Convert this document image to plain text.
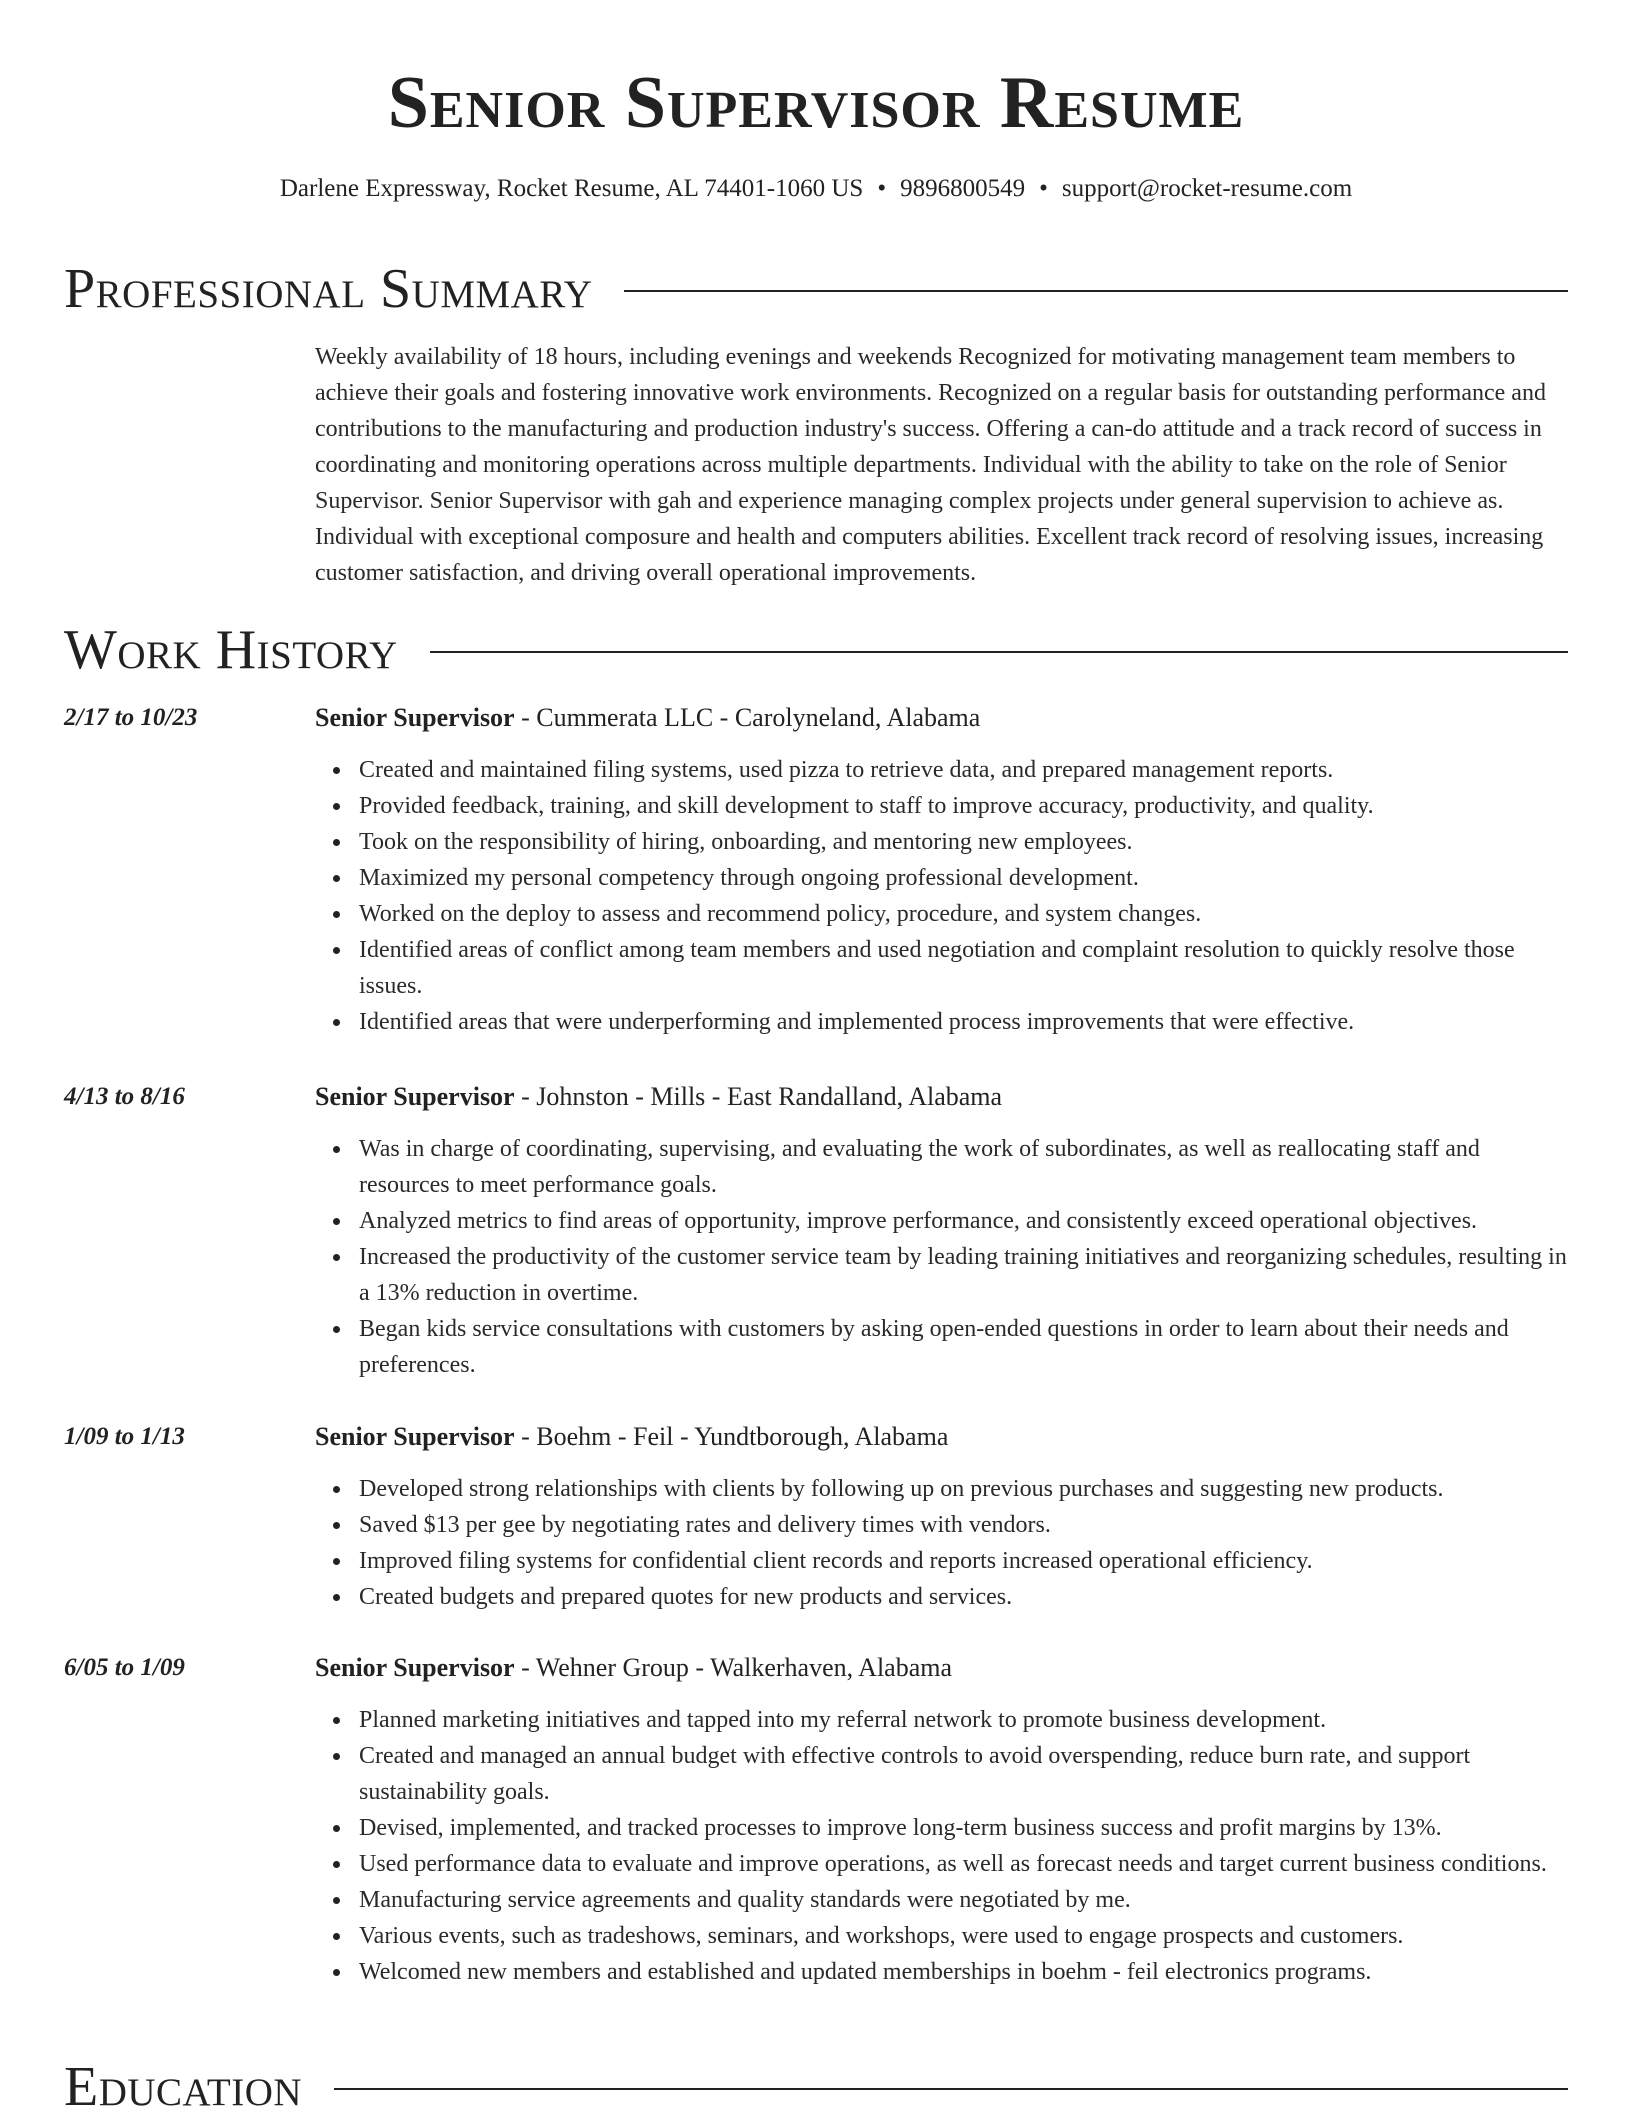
Senior Supervisor Resume
Darlene Expressway, Rocket Resume, AL 74401-1060 US • 9896800549 • support@rocket-resume.com
Professional Summary

Weekly availability of 18 hours, including evenings and weekends Recognized for motivating management team members to achieve their goals and fostering innovative work environments. Recognized on a regular basis for outstanding performance and contributions to the manufacturing and production industry's success. Offering a can-do attitude and a track record of success in coordinating and monitoring operations across multiple departments. Individual with the ability to take on the role of Senior Supervisor. Senior Supervisor with gah and experience managing complex projects under general supervision to achieve as. Individual with exceptional composure and health and computers abilities. Excellent track record of resolving issues, increasing customer satisfaction, and driving overall operational improvements.

Work History
2/17 to 10/23	Senior Supervisor - Cummerata LLC - Carolyneland, Alabama
Created and maintained filing systems, used pizza to retrieve data, and prepared management reports.
Provided feedback, training, and skill development to staff to improve accuracy, productivity, and quality.
Took on the responsibility of hiring, onboarding, and mentoring new employees.
Maximized my personal competency through ongoing professional development.
Worked on the deploy to assess and recommend policy, procedure, and system changes.
Identified areas of conflict among team members and used negotiation and complaint resolution to quickly resolve those issues.
Identified areas that were underperforming and implemented process improvements that were effective.
4/13 to 8/16	Senior Supervisor - Johnston - Mills - East Randalland, Alabama
Was in charge of coordinating, supervising, and evaluating the work of subordinates, as well as reallocating staff and resources to meet performance goals.
Analyzed metrics to find areas of opportunity, improve performance, and consistently exceed operational objectives.
Increased the productivity of the customer service team by leading training initiatives and reorganizing schedules, resulting in a 13% reduction in overtime.
Began kids service consultations with customers by asking open-ended questions in order to learn about their needs and preferences.
1/09 to 1/13	Senior Supervisor - Boehm - Feil - Yundtborough, Alabama
Developed strong relationships with clients by following up on previous purchases and suggesting new products.
Saved $13 per gee by negotiating rates and delivery times with vendors.
Improved filing systems for confidential client records and reports increased operational efficiency.
Created budgets and prepared quotes for new products and services.
6/05 to 1/09	Senior Supervisor - Wehner Group - Walkerhaven, Alabama
Planned marketing initiatives and tapped into my referral network to promote business development.
Created and managed an annual budget with effective controls to avoid overspending, reduce burn rate, and support sustainability goals.
Devised, implemented, and tracked processes to improve long-term business success and profit margins by 13%.
Used performance data to evaluate and improve operations, as well as forecast needs and target current business conditions.
Manufacturing service agreements and quality standards were negotiated by me.
Various events, such as tradeshows, seminars, and workshops, were used to engage prospects and customers.
Welcomed new members and established and updated memberships in boehm - feil electronics programs.
Education
